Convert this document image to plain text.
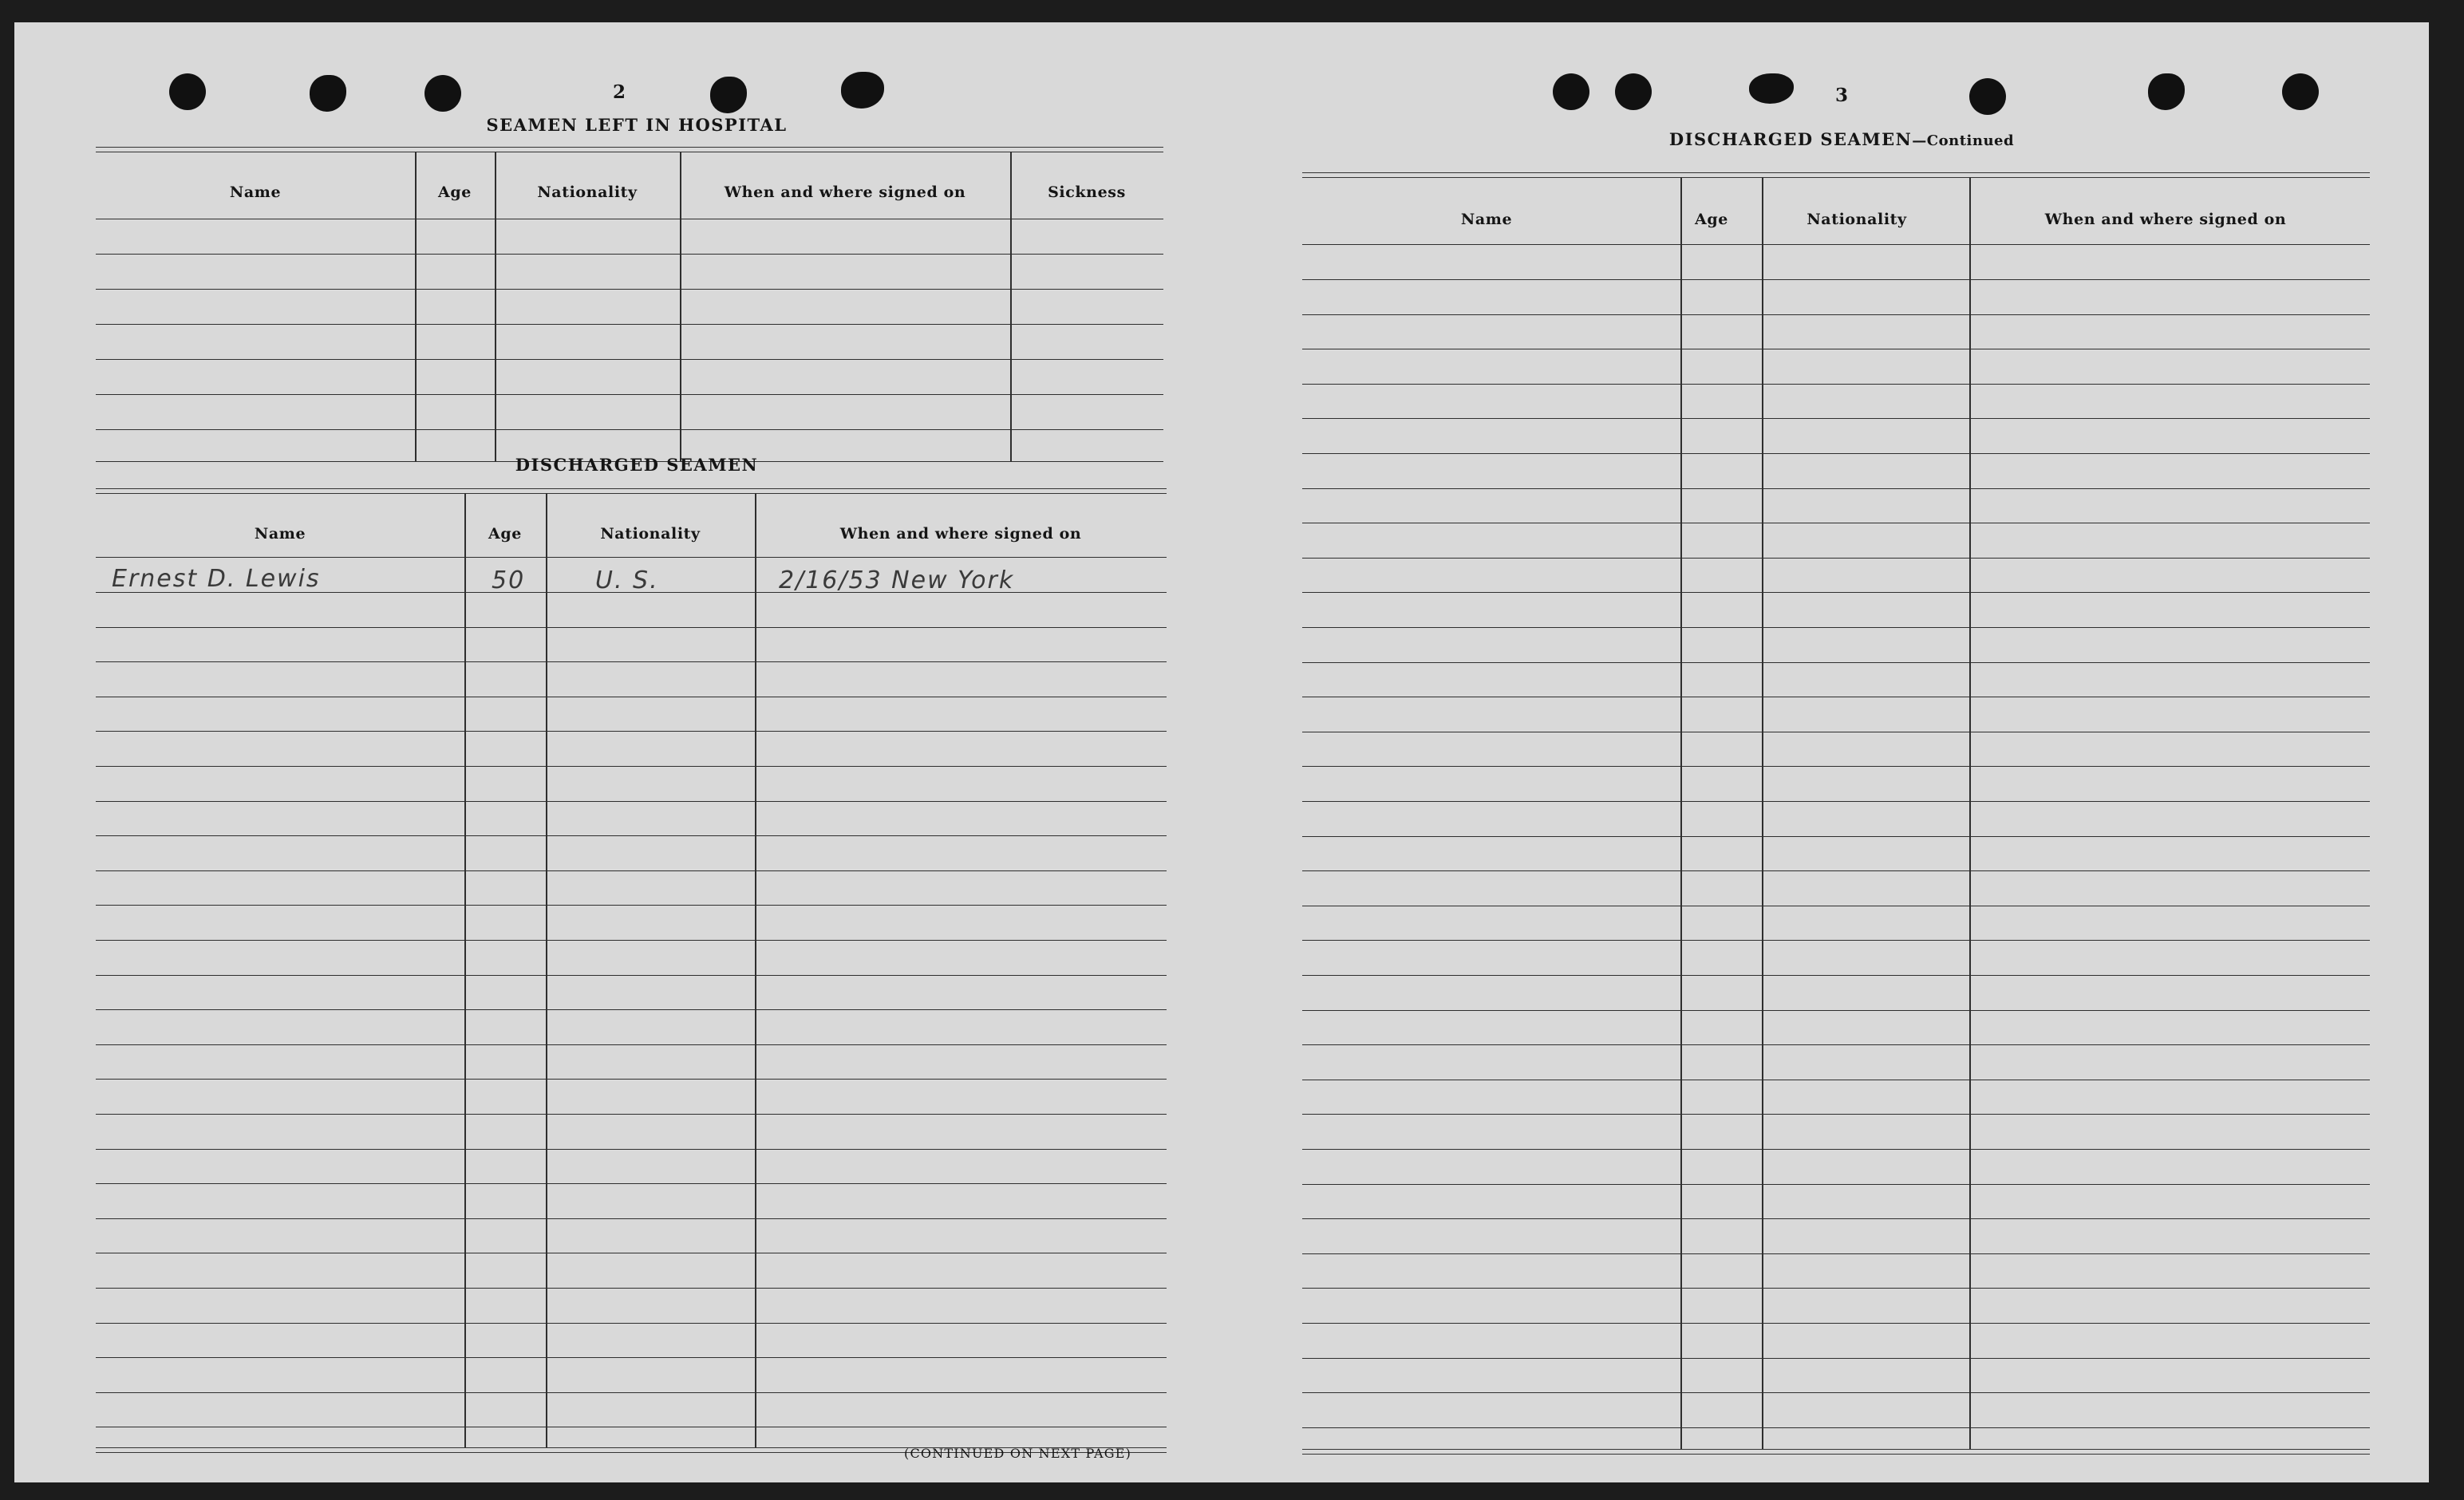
2
SEAMEN LEFT IN HOSPITAL
Name	Age	Nationality	When and where signed on	Sickness
DISCHARGED SEAMEN
Name	Age	Nationality	When and where signed on
Ernest D. Lewis	50	U. S.	2/16/53 New York
(CONTINUED ON NEXT PAGE)
3
DISCHARGED SEAMEN—Continued
Name	Age	Nationality	When and where signed on
